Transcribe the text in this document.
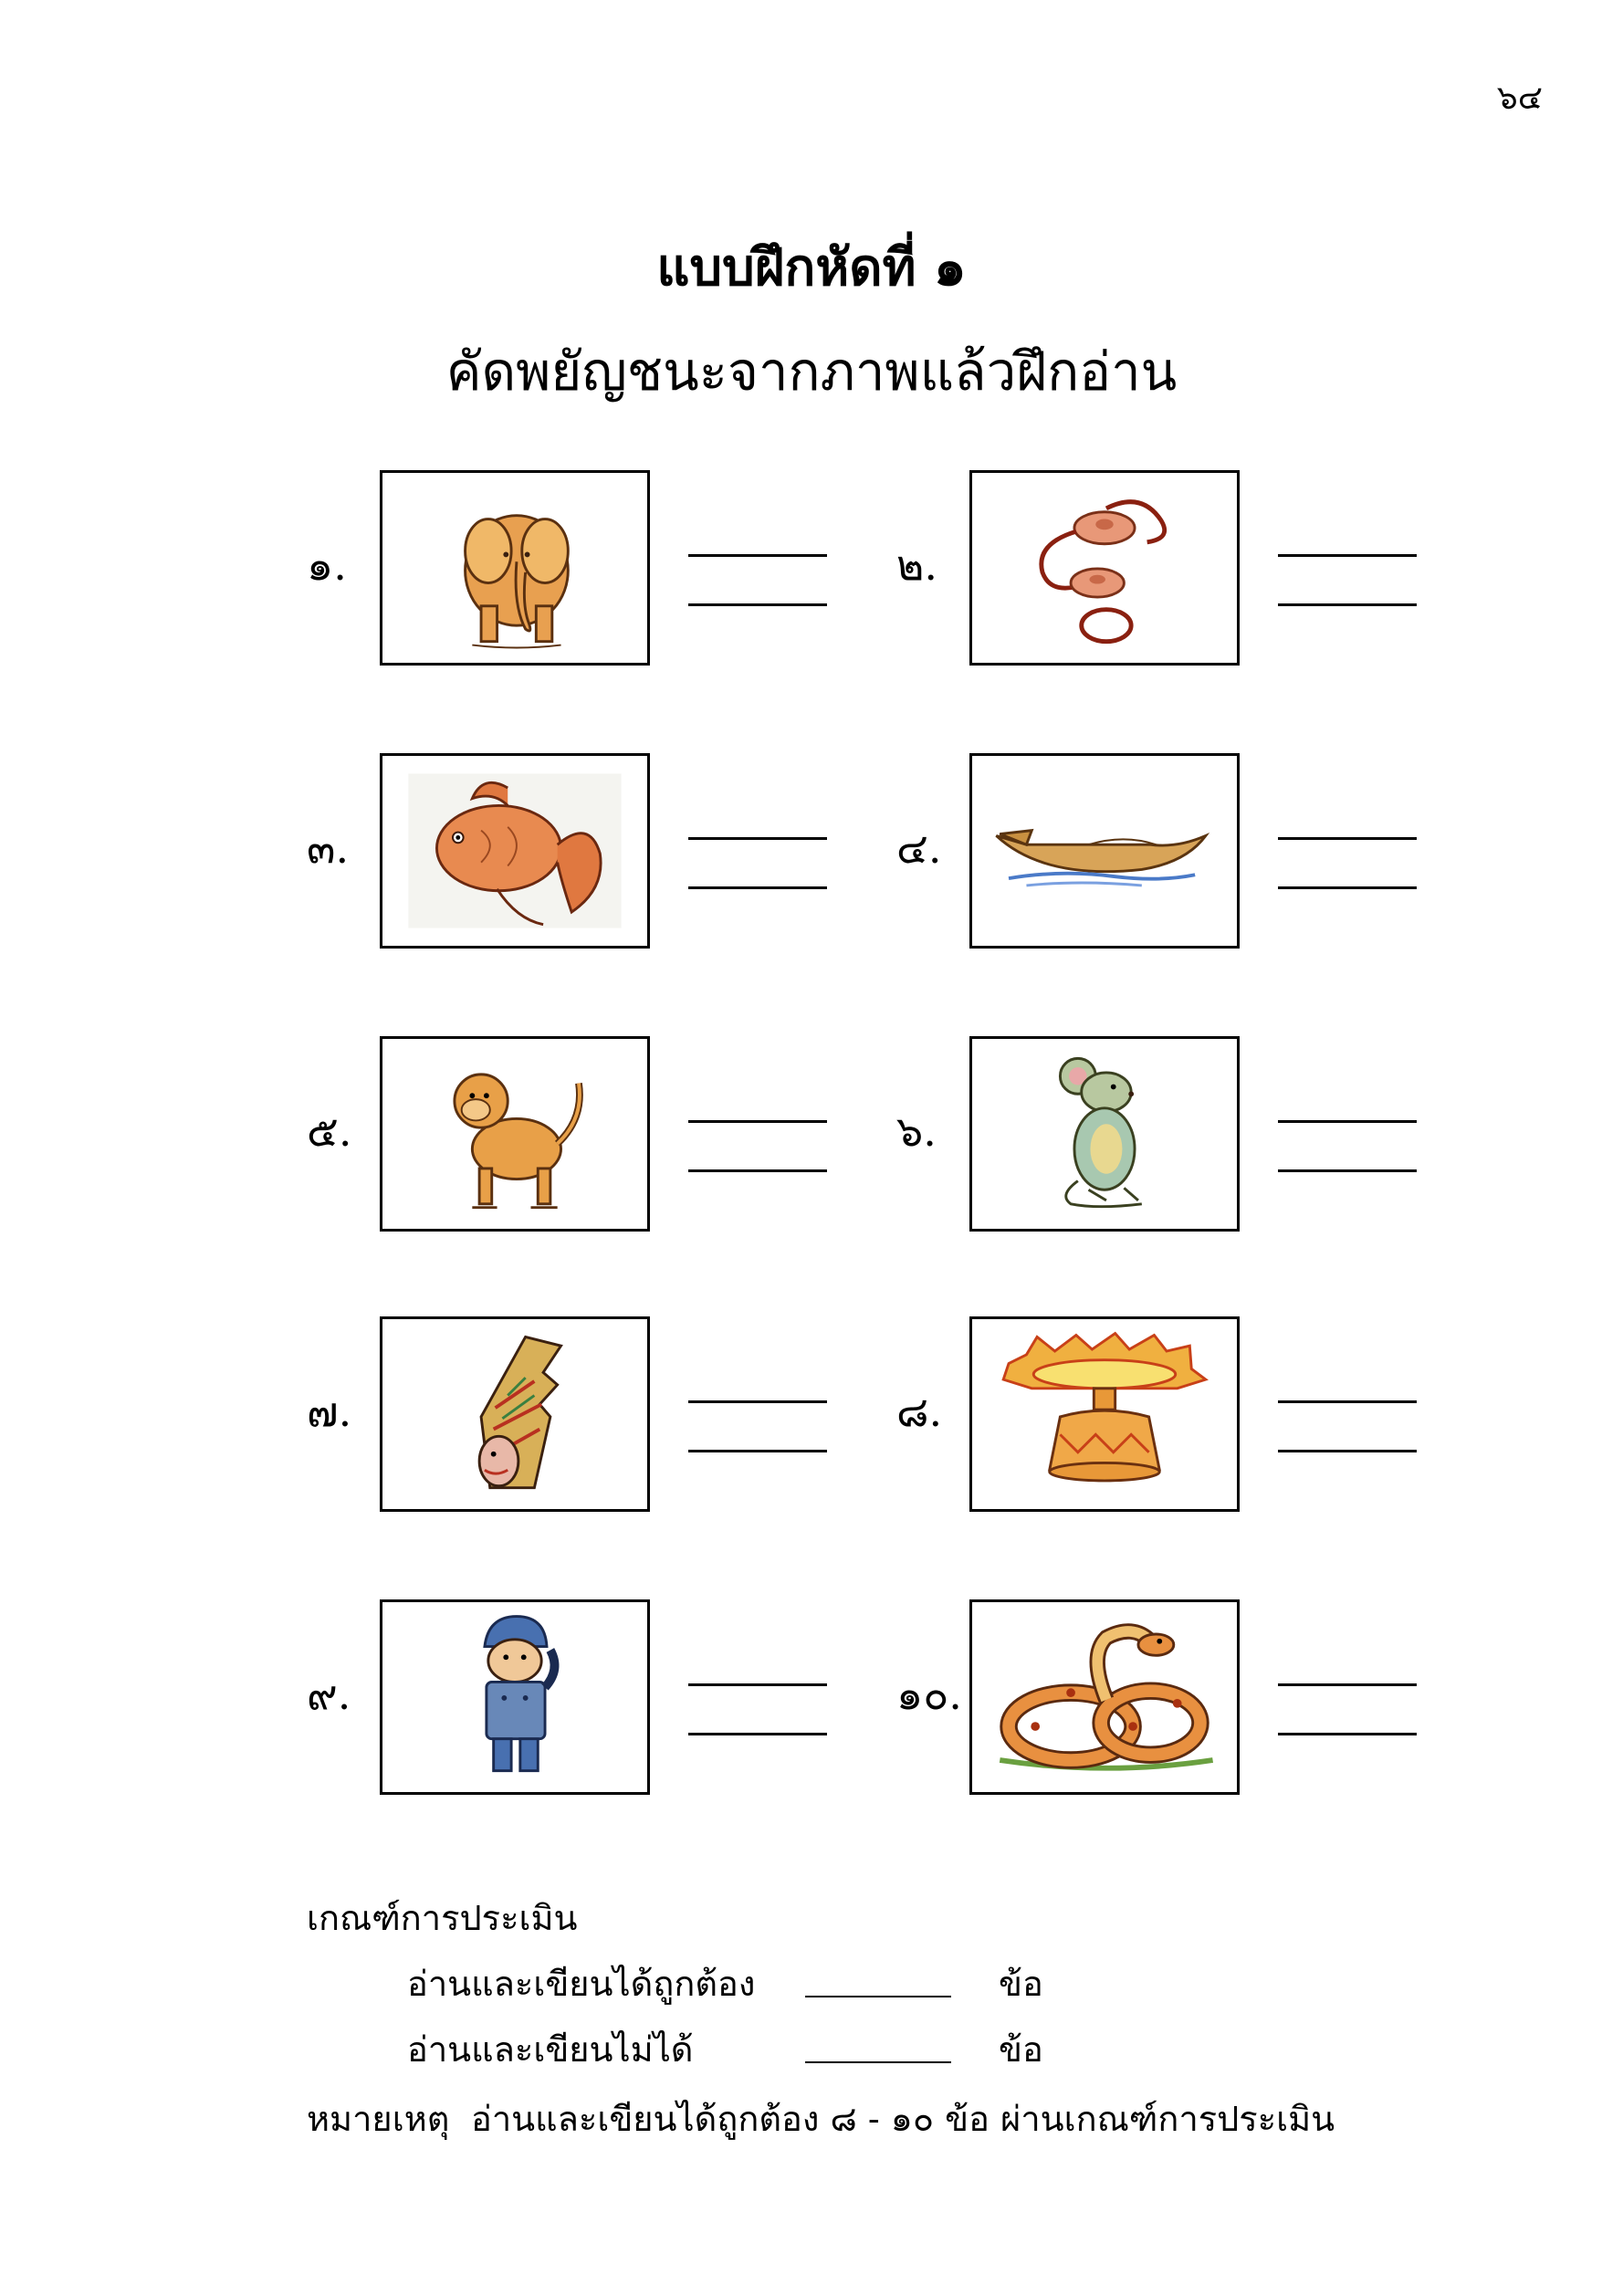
๖๔
แบบฝึกหัดที่ ๑
คัดพยัญชนะจากภาพแล้วฝึกอ่าน
๑.	๒.
๓.	๔.
๕.	๖.
๗.	๘.
๙.	๑๐.
เกณฑ์การประเมิน
อ่านและเขียนได้ถูกต้อง	ข้อ
อ่านและเขียนไม่ได้	ข้อ
หมายเหตุ อ่านและเขียนได้ถูกต้อง ๘ - ๑๐ ข้อ ผ่านเกณฑ์การประเมิน
